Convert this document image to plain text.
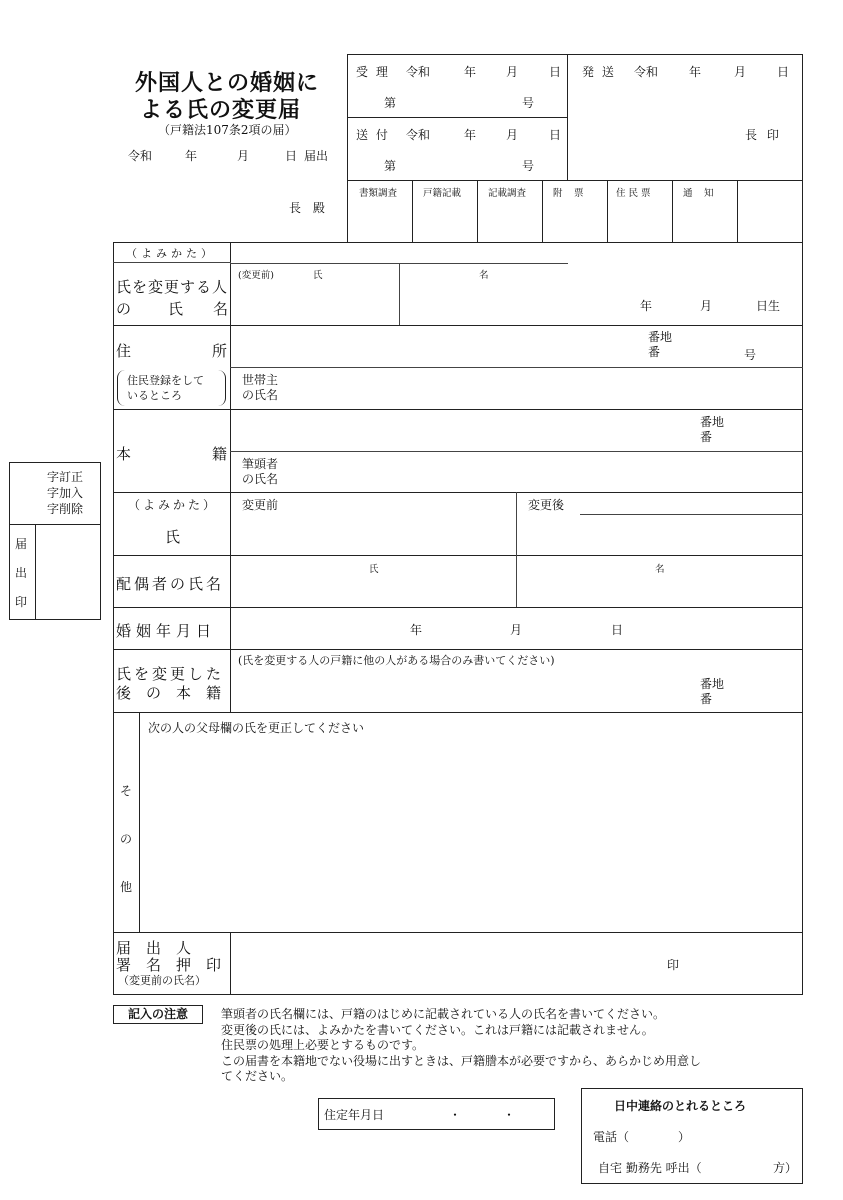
外国人との婚姻に
よる氏の変更届
（戸籍法107条2項の届）
令和	年	月	日 届出
長 殿
受 理 令和	年 月	日
第	号
発 送 令和	年	月	日
送 付 令和	年 月	日
第	号
長 印
書類調査	戸籍記載	記載調査	附　票	住 民 票	通　知
字訂正
字加入
字削除
届
出
印
（よみかた）
氏を変更する人
の 氏 名
(変更前)	氏	名
年	月	日生
住	所
住民登録をして
いるところ
番地
番	号
世帯主
の氏名
本	籍
番地
番
筆頭者
の氏名
（よみかた）
氏
変更前	変更後
配偶者の氏名
氏	名
婚姻年月日	年	月	日
氏を変更した
後　の　本　籍
(氏を変更する人の戸籍に他の人がある場合のみ書いてください)
番地
番
そ
の
他
次の人の父母欄の氏を更正してください
届　出　人
署　名　押　印
（変更前の氏名）
印
記入の注意	筆頭者の氏名欄には、戸籍のはじめに記載されている人の氏名を書いてください。
変更後の氏には、よみかたを書いてください。これは戸籍には記載されません。
住民票の処理上必要とするものです。
この届書を本籍地でない役場に出すときは、戸籍謄本が必要ですから、あらかじめ用意し
てください。
住定年月日	・	・
日中連絡のとれるところ
電話（	）
自宅 勤務先 呼出（	方）
